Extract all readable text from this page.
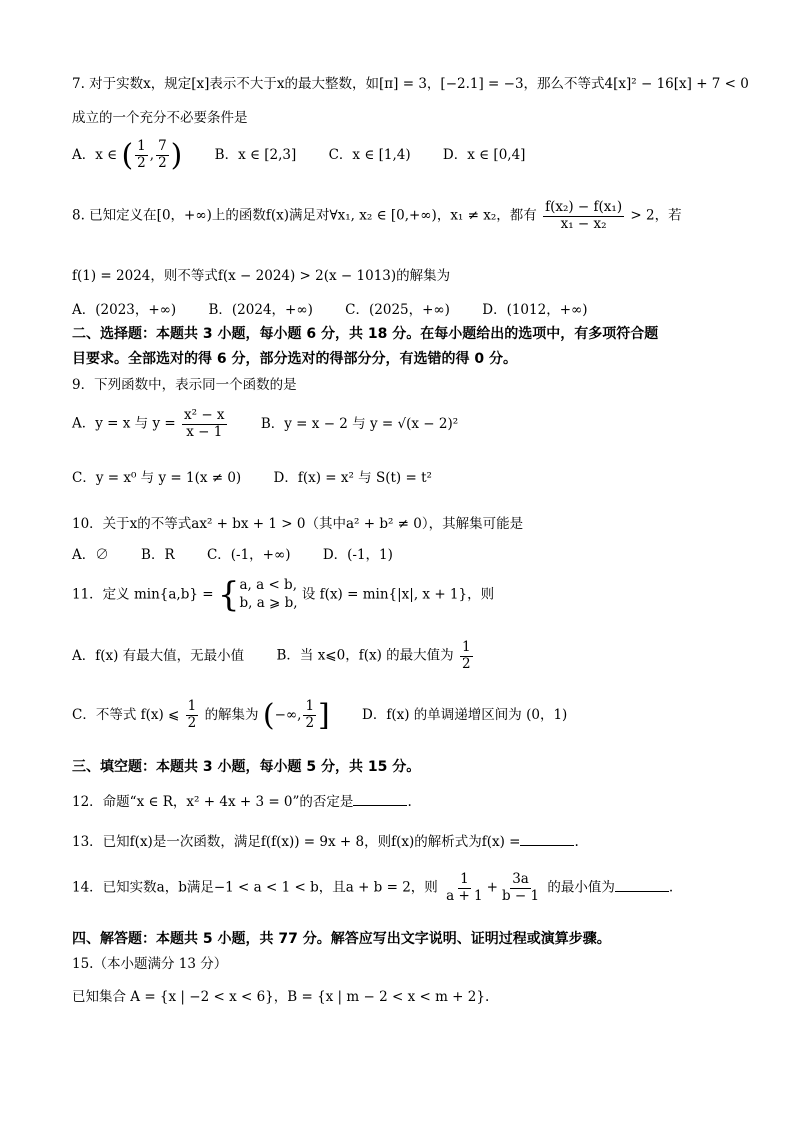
7. 对于实数x，规定[x]表示不大于x的最大整数，如[π] = 3，[−2.1] = −3，那么不等式4[x]² − 16[x] + 7 < 0
成立的一个充分不必要条件是
A．x ∈ ( $\frac{1}{2}$ , $\frac{7}{2}$ ) B．x ∈ [2,3] C．x ∈ [1,4) D．x ∈ [0,4]
8. 已知定义在[0，+∞)上的函数f(x)满足对∀x₁, x₂ ∈ [0,+∞)，x₁ ≠ x₂，都有 $\frac{\text{f(x₂) − f(x₁)}}{\text{x₁ − x₂}} > 2$，若
f(1) = 2024，则不等式f(x − 2024) > 2(x − 1013)的解集为
A．(2023，+∞) B．(2024，+∞) C．(2025，+∞) D．(1012，+∞)
二、选择题：本题共 3 小题，每小题 6 分，共 18 分。在每小题给出的选项中，有多项符合题
目要求。全部选对的得 6 分，部分选对的得部分分，有选错的得 0 分。
9．下列函数中，表示同一个函数的是
A．y = x 与 $y = \frac{\text{x² − x}}{x - 1}$	B．y = x − 2 与 y = √(x − 2)²
C．y = x⁰ 与 y = 1(x ≠ 0) D．f(x) = x² 与 S(t) = t²
10．关于x的不等式ax² + bx + 1 > 0（其中a² + b² ≠ 0），其解集可能是
A．∅ B．R C．(-1，+∞) D．(-1，1)
11．定义 min{a,b} = { a, a < b,
b, a ⩾ b,
设 f(x) = min{|x|, x + 1}，则
A．f(x) 有最大值，无最小值 B．当 x⩽0，f(x) 的最大值为 $\frac{1}{2}$
C．不等式 f(x) ⩽ $\frac{1}{2}$ 的解集为 (−∞, $\frac{1}{2}$ ] D．f(x) 的单调递增区间为 (0，1)
三、填空题：本题共 3 小题，每小题 5 分，共 15 分。
12．命题“x ∈ R，x² + 4x + 3 = 0”的否定是	.
13．已知f(x)是一次函数，满足f(f(x)) = 9x + 8，则f(x)的解析式为f(x) =	.
14．已知实数a，b满足−1 < a < 1 < b，且a + b = 2，则 $\frac{1}{a + 1} + \frac{3a}{b - 1}$ 的最小值为	.
四、解答题：本题共 5 小题，共 77 分。解答应写出文字说明、证明过程或演算步骤。
15.（本小题满分 13 分）
已知集合 A = {x | −2 < x < 6}，B = {x | m − 2 < x < m + 2}.
